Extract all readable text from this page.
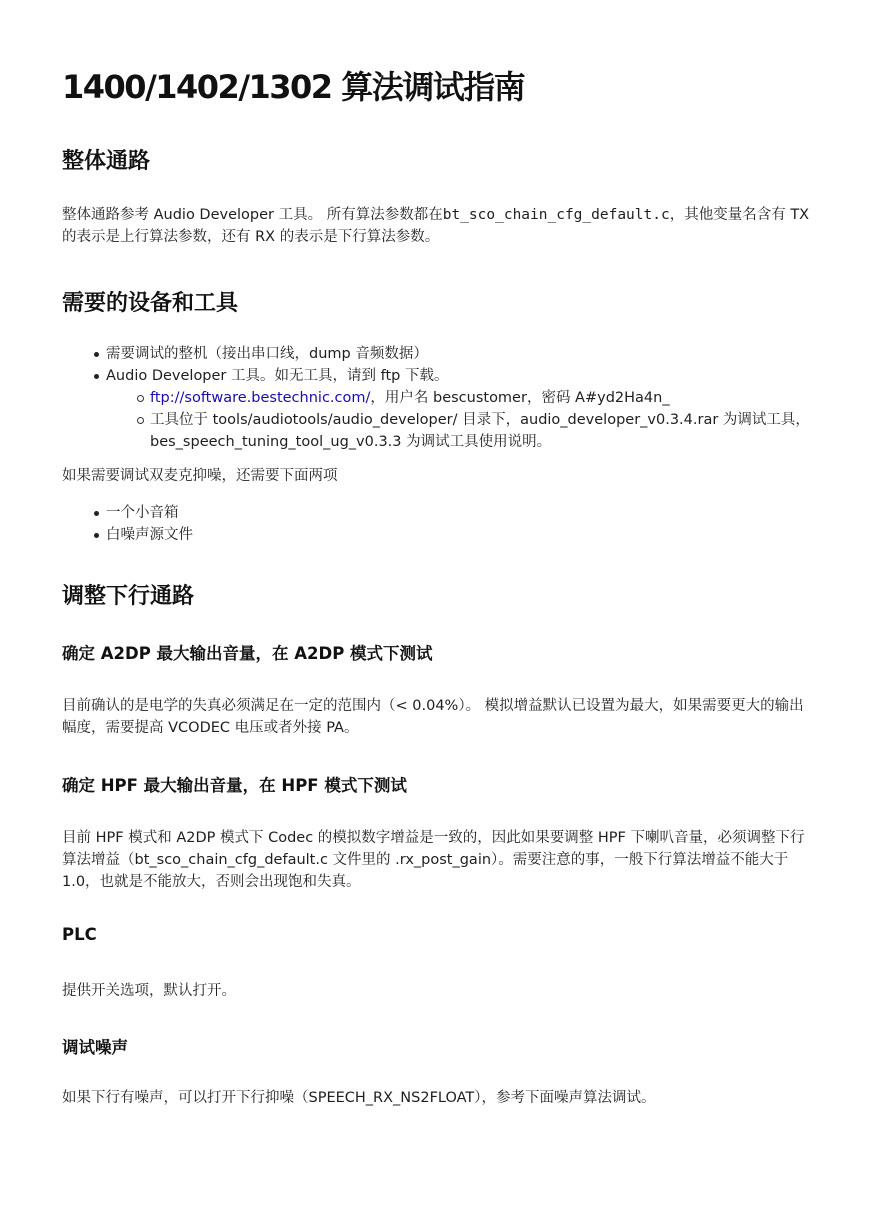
1400/1402/1302 算法调试指南
整体通路

整体通路参考 Audio Developer 工具。 所有算法参数都在bt_sco_chain_cfg_default.c，其他变量名含有 TX 的表示是上行算法参数，还有 RX 的表示是下行算法参数。

需要的设备和工具
需要调试的整机（接出串口线，dump 音频数据）
Audio Developer 工具。如无工具，请到 ftp 下载。
ftp://software.bestechnic.com/，用户名 bescustomer，密码 A#yd2Ha4n_
工具位于 tools/audiotools/audio_developer/ 目录下，audio_developer_v0.3.4.rar 为调试工具，bes_speech_tuning_tool_ug_v0.3.3 为调试工具使用说明。

如果需要调试双麦克抑噪，还需要下面两项

一个小音箱
白噪声源文件
调整下行通路
确定 A2DP 最大输出音量，在 A2DP 模式下测试

目前确认的是电学的失真必须满足在一定的范围内（< 0.04%）。 模拟增益默认已设置为最大，如果需要更大的输出幅度，需要提高 VCODEC 电压或者外接 PA。

确定 HPF 最大输出音量，在 HPF 模式下测试

目前 HPF 模式和 A2DP 模式下 Codec 的模拟数字增益是一致的，因此如果要调整 HPF 下喇叭音量，必须调整下行算法增益（bt_sco_chain_cfg_default.c 文件里的 .rx_post_gain）。需要注意的事，一般下行算法增益不能大于 1.0，也就是不能放大，否则会出现饱和失真。

PLC

提供开关选项，默认打开。

调试噪声

如果下行有噪声，可以打开下行抑噪（SPEECH_RX_NS2FLOAT），参考下面噪声算法调试。
